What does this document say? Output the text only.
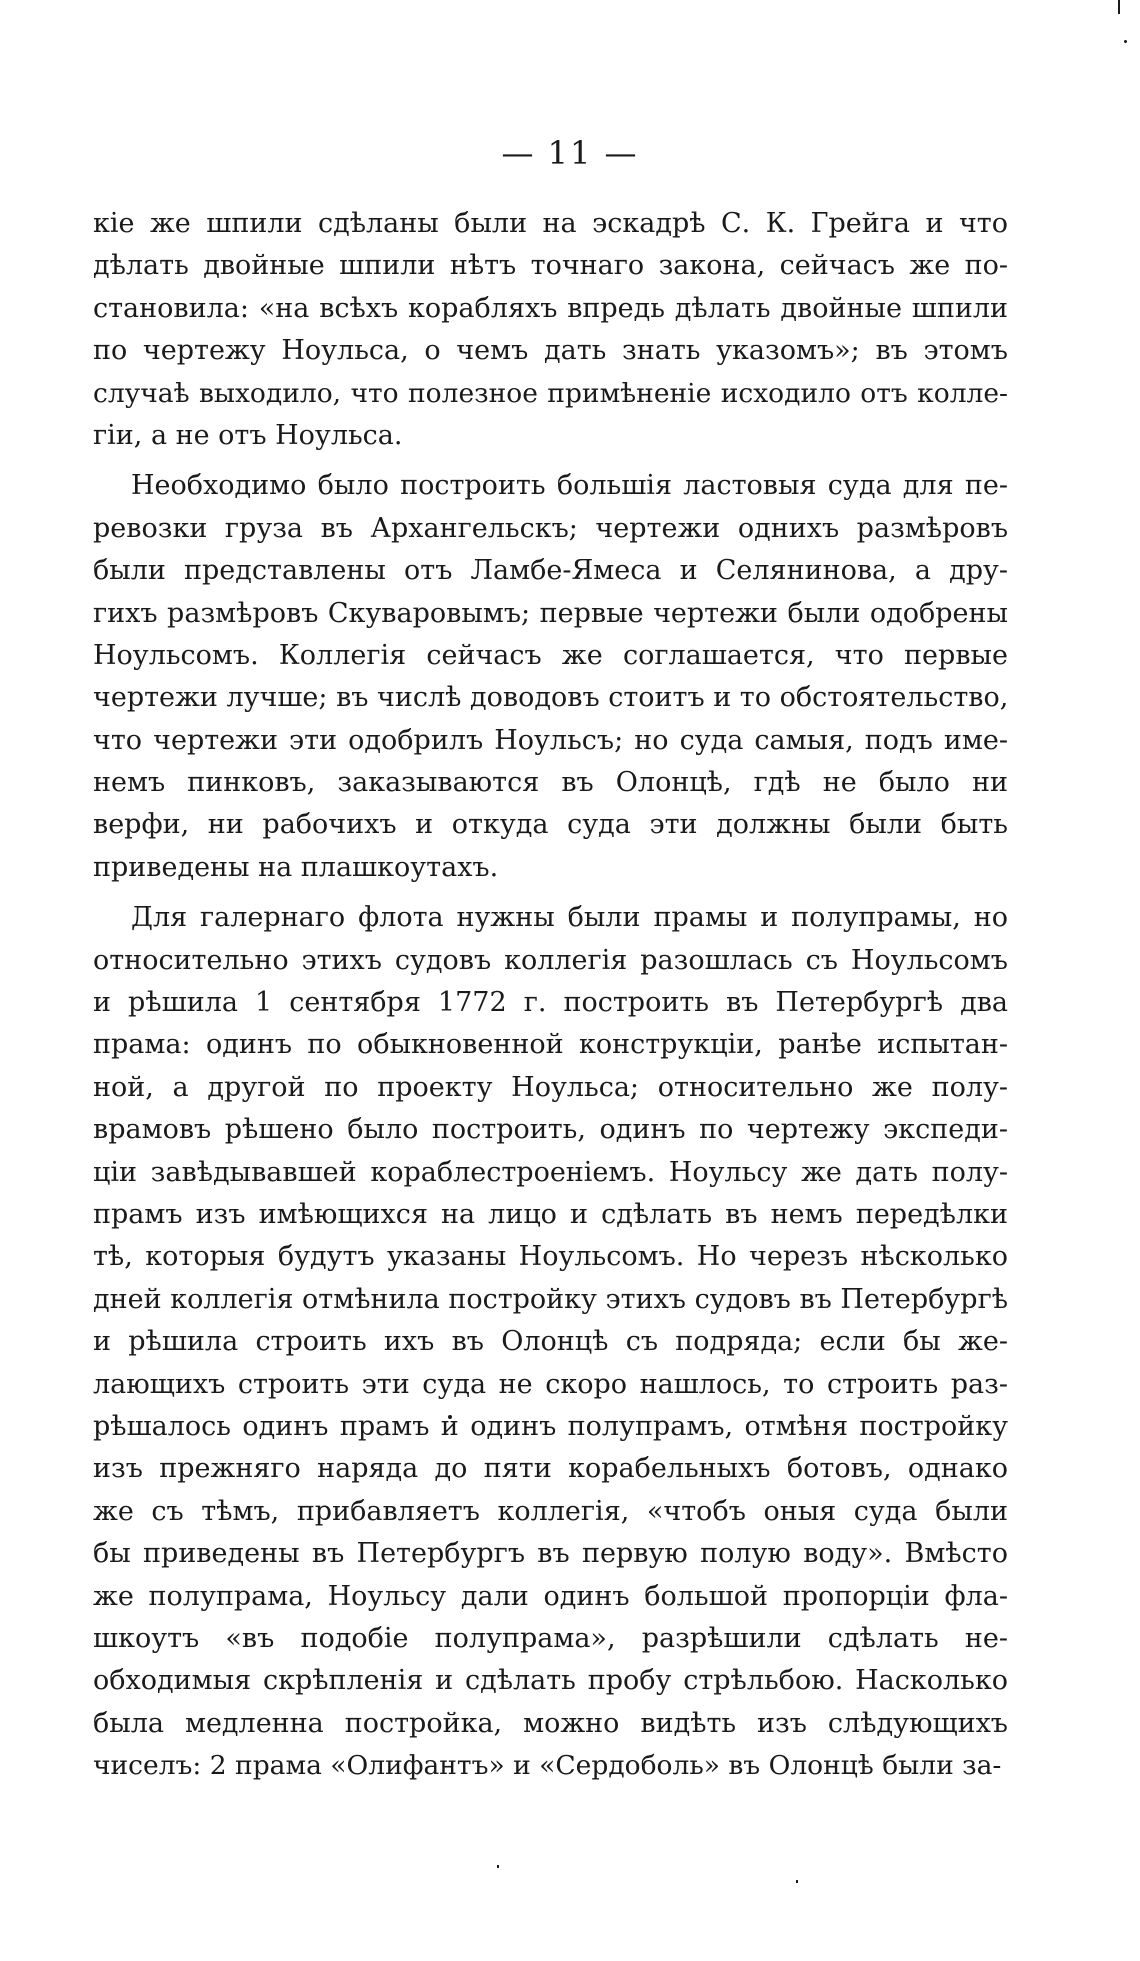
— 11 —
кіе же шпили сдѣланы были на эскадрѣ С. К. Грейга и что
дѣлать двойные шпили нѣтъ точнаго закона, сейчасъ же по-
становила: «на всѣхъ корабляхъ впредь дѣлать двойные шпили
по чертежу Ноульса, о чемъ дать знать указомъ»; въ этомъ
случаѣ выходило, что полезное примѣненіе исходило отъ колле-
гіи, а не отъ Ноульса.
Необходимо было построить большія ластовыя суда для пе-
ревозки груза въ Архангельскъ; чертежи однихъ размѣровъ
были представлены отъ Ламбе-Ямеса и Селянинова, а дру-
гихъ размѣровъ Скуваровымъ; первые чертежи были одобрены
Ноульсомъ. Коллегія сейчасъ же соглашается, что первые
чертежи лучше; въ числѣ доводовъ стоитъ и то обстоятельство,
что чертежи эти одобрилъ Ноульсъ; но суда самыя, подъ име-
немъ пинковъ, заказываются въ Олонцѣ, гдѣ не было ни
верфи, ни рабочихъ и откуда суда эти должны были быть
приведены на плашкоутахъ.
Для галернаго флота нужны были прамы и полупрамы, но
относительно этихъ судовъ коллегія разошлась съ Ноульсомъ
и рѣшила 1 сентября 1772 г. построить въ Петербургѣ два
прама: одинъ по обыкновенной конструкціи, ранѣе испытан-
ной, а другой по проекту Ноульса; относительно же полу-
врамовъ рѣшено было построить, одинъ по чертежу экспеди-
ціи завѣдывавшей кораблестроеніемъ. Ноульсу же дать полу-
прамъ изъ имѣющихся на лицо и сдѣлать въ немъ передѣлки
тѣ, которыя будутъ указаны Ноульсомъ. Но черезъ нѣсколько
дней коллегія отмѣнила постройку этихъ судовъ въ Петербургѣ
и рѣшила строить ихъ въ Олонцѣ съ подряда; если бы же-
лающихъ строить эти суда не скоро нашлось, то строить раз-
рѣшалось одинъ прамъ и одинъ полупрамъ, отмѣня постройку
изъ прежняго наряда до пяти корабельныхъ ботовъ, однако
же съ тѣмъ, прибавляетъ коллегія, «чтобъ оныя суда были
бы приведены въ Петербургъ въ первую полую воду». Вмѣсто
же полупрама, Ноульсу дали одинъ большой пропорціи фла-
шкоутъ «въ подобіе полупрама», разрѣшили сдѣлать не-
обходимыя скрѣпленія и сдѣлать пробу стрѣльбою. Насколько
была медленна постройка, можно видѣть изъ слѣдующихъ
чиселъ: 2 прама «Олифантъ» и «Сердоболь» въ Олонцѣ были за-
